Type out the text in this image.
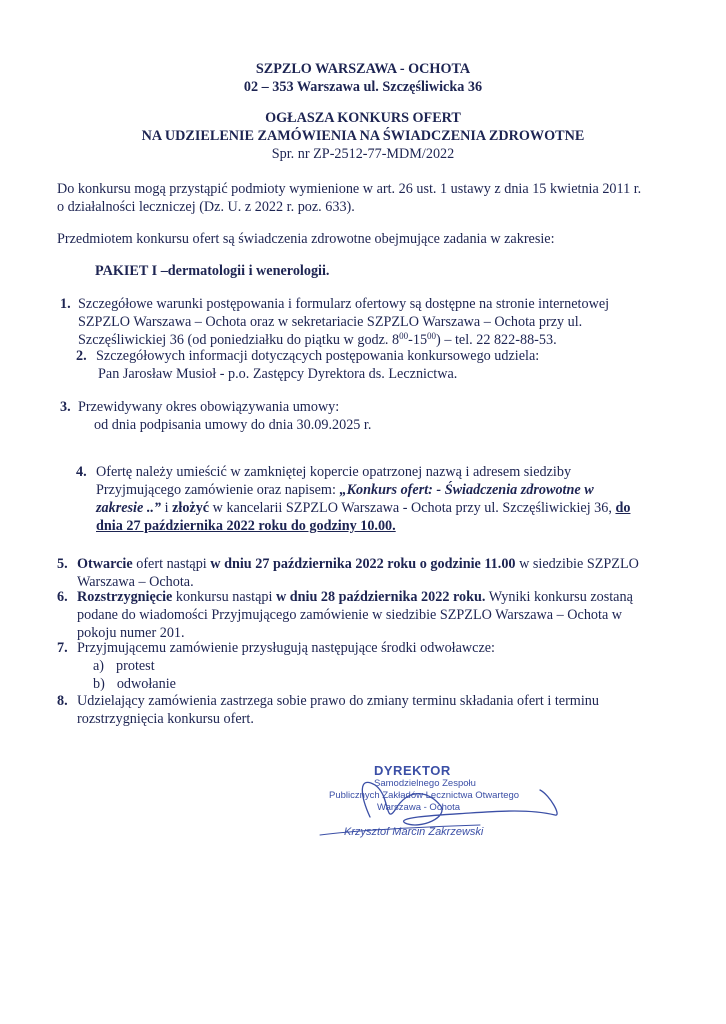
SZPZLO WARSZAWA - OCHOTA
02 – 353 Warszawa ul. Szczęśliwicka 36
OGŁASZA KONKURS OFERT
NA UDZIELENIE ZAMÓWIENIA NA ŚWIADCZENIA ZDROWOTNE
Spr. nr ZP-2512-77-MDM/2022
Do konkursu mogą przystąpić podmioty wymienione w art. 26 ust. 1 ustawy z dnia 15 kwietnia 2011 r.
o działalności leczniczej (Dz. U. z 2022 r. poz. 633).
Przedmiotem konkursu ofert są świadczenia zdrowotne obejmujące zadania w zakresie:
PAKIET I –dermatologii i wenerologii.
1. Szczegółowe warunki postępowania i formularz ofertowy są dostępne na stronie internetowej
SZPZLO Warszawa – Ochota oraz w sekretariacie SZPZLO Warszawa – Ochota przy ul.
Szczęśliwickiej 36 (od poniedziałku do piątku w godz. $8^{00}-15^{00}$) – tel. 22 822-88-53.
2. Szczegółowych informacji dotyczących postępowania konkursowego udziela:
Pan Jarosław Musioł - p.o. Zastępcy Dyrektora ds. Lecznictwa.
3. Przewidywany okres obowiązywania umowy:
od dnia podpisania umowy do dnia 30.09.2025 r.
4. Ofertę należy umieścić w zamkniętej kopercie opatrzonej nazwą i adresem siedziby
Przyjmującego zamówienie oraz napisem: „Konkurs ofert: - Świadczenia zdrowotne w
zakresie ..” i złożyć w kancelarii SZPZLO Warszawa - Ochota przy ul. Szczęśliwickiej 36, do
dnia 27 października 2022 roku do godziny 10.00.
5. Otwarcie ofert nastąpi w dniu 27 października 2022 roku o godzinie 11.00 w siedzibie SZPZLO
Warszawa – Ochota.
6. Rozstrzygnięcie konkursu nastąpi w dniu 28 października 2022 roku. Wyniki konkursu zostaną
podane do wiadomości Przyjmującego zamówienie w siedzibie SZPZLO Warszawa – Ochota w
pokoju numer 201.
7. Przyjmującemu zamówienie przysługują następujące środki odwoławcze:
a) protest
b) odwołanie
8. Udzielający zamówienia zastrzega sobie prawo do zmiany terminu składania ofert i terminu
rozstrzygnięcia konkursu ofert.
DYREKTOR
Samodzielnego Zespołu
Publicznych Zakładów Lecznictwa Otwartego
Warszawa - Ochota
Krzysztof Marcin Zakrzewski
